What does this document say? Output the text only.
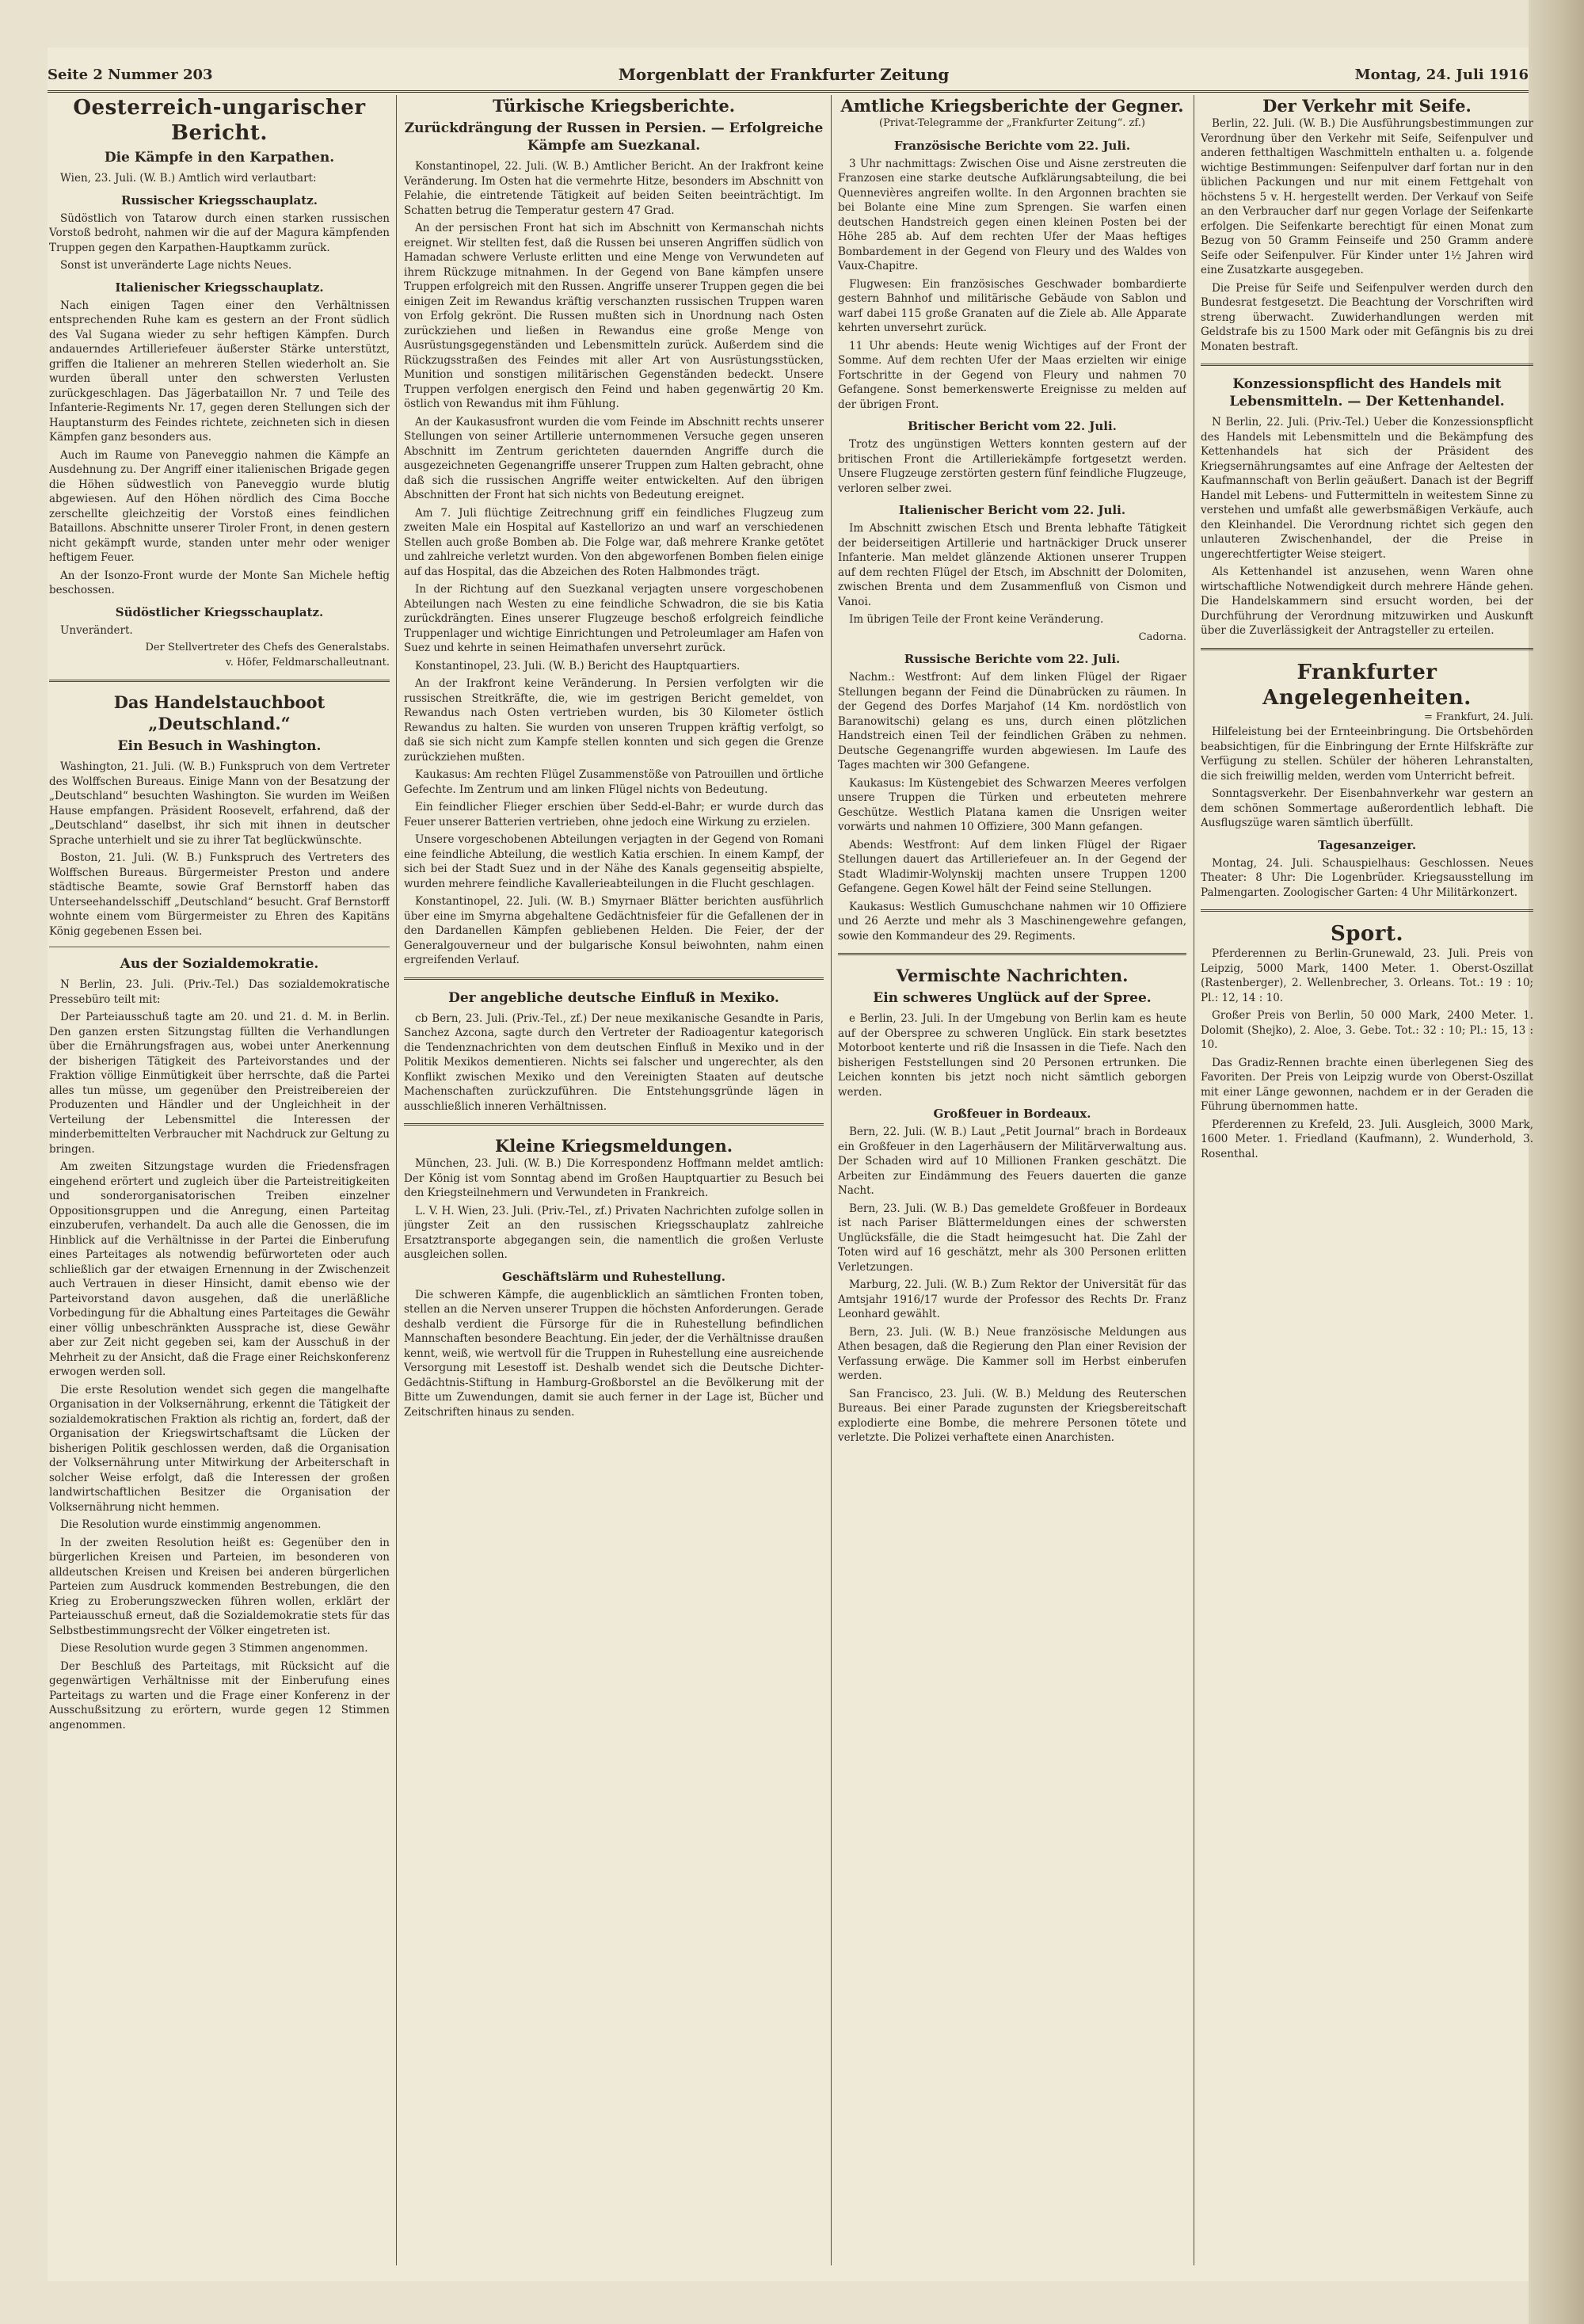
Seite 2 Nummer 203	Morgenblatt der Frankfurter Zeitung	Montag, 24. Juli 1916
Oesterreich-ungarischer Bericht.
Die Kämpfe in den Karpathen.

Wien, 23. Juli. (W. B.) Amtlich wird verlautbart:

Russischer Kriegsschauplatz.

Südöstlich von Tatarow durch einen starken russischen Vorstoß bedroht, nahmen wir die auf der Magura kämpfenden Truppen gegen den Karpathen-Hauptkamm zurück.

Sonst ist unveränderte Lage nichts Neues.

Italienischer Kriegsschauplatz.

Nach einigen Tagen einer den Verhältnissen entsprechenden Ruhe kam es gestern an der Front südlich des Val Sugana wieder zu sehr heftigen Kämpfen. Durch andauerndes Artilleriefeuer äußerster Stärke unterstützt, griffen die Italiener an mehreren Stellen wiederholt an. Sie wurden überall unter den schwersten Verlusten zurückgeschlagen. Das Jägerbataillon Nr. 7 und Teile des Infanterie-Regiments Nr. 17, gegen deren Stellungen sich der Hauptansturm des Feindes richtete, zeichneten sich in diesen Kämpfen ganz besonders aus.

Auch im Raume von Paneveggio nahmen die Kämpfe an Ausdehnung zu. Der Angriff einer italienischen Brigade gegen die Höhen südwestlich von Paneveggio wurde blutig abgewiesen. Auf den Höhen nördlich des Cima Bocche zerschellte gleichzeitig der Vorstoß eines feindlichen Bataillons. Abschnitte unserer Tiroler Front, in denen gestern nicht gekämpft wurde, standen unter mehr oder weniger heftigem Feuer.

An der Isonzo-Front wurde der Monte San Michele heftig beschossen.

Südöstlicher Kriegsschauplatz.

Unverändert.

Der Stellvertreter des Chefs des Generalstabs.
v. Höfer, Feldmarschalleutnant.
Das Handelstauchboot „Deutschland.“
Ein Besuch in Washington.

Washington, 21. Juli. (W. B.) Funkspruch von dem Vertreter des Wolffschen Bureaus. Einige Mann von der Besatzung der „Deutschland“ besuchten Washington. Sie wurden im Weißen Hause empfangen. Präsident Roosevelt, erfahrend, daß der „Deutschland“ daselbst, ihr sich mit ihnen in deutscher Sprache unterhielt und sie zu ihrer Tat beglückwünschte.

Boston, 21. Juli. (W. B.) Funkspruch des Vertreters des Wolffschen Bureaus. Bürgermeister Preston und andere städtische Beamte, sowie Graf Bernstorff haben das Unterseehandelsschiff „Deutschland“ besucht. Graf Bernstorff wohnte einem vom Bürgermeister zu Ehren des Kapitäns König gegebenen Essen bei.

Aus der Sozialdemokratie.

N Berlin, 23. Juli. (Priv.-Tel.) Das sozialdemokratische Pressebüro teilt mit:

Der Parteiausschuß tagte am 20. und 21. d. M. in Berlin. Den ganzen ersten Sitzungstag füllten die Verhandlungen über die Ernährungsfragen aus, wobei unter Anerkennung der bisherigen Tätigkeit des Parteivorstandes und der Fraktion völlige Einmütigkeit über herrschte, daß die Partei alles tun müsse, um gegenüber den Preistreibereien der Produzenten und Händler und der Ungleichheit in der Verteilung der Lebensmittel die Interessen der minderbemittelten Verbraucher mit Nachdruck zur Geltung zu bringen.

Am zweiten Sitzungstage wurden die Friedensfragen eingehend erörtert und zugleich über die Parteistreitigkeiten und sonderorganisatorischen Treiben einzelner Oppositionsgruppen und die Anregung, einen Parteitag einzuberufen, verhandelt. Da auch alle die Genossen, die im Hinblick auf die Verhältnisse in der Partei die Einberufung eines Parteitages als notwendig befürworteten oder auch schließlich gar der etwaigen Ernennung in der Zwischenzeit auch Vertrauen in dieser Hinsicht, damit ebenso wie der Parteivorstand davon ausgehen, daß die unerläßliche Vorbedingung für die Abhaltung eines Parteitages die Gewähr einer völlig unbeschränkten Aussprache ist, diese Gewähr aber zur Zeit nicht gegeben sei, kam der Ausschuß in der Mehrheit zu der Ansicht, daß die Frage einer Reichskonferenz erwogen werden soll.

Die erste Resolution wendet sich gegen die mangelhafte Organisation in der Volksernährung, erkennt die Tätigkeit der sozialdemokratischen Fraktion als richtig an, fordert, daß der Organisation der Kriegswirtschaftsamt die Lücken der bisherigen Politik geschlossen werden, daß die Organisation der Volksernährung unter Mitwirkung der Arbeiterschaft in solcher Weise erfolgt, daß die Interessen der großen landwirtschaftlichen Besitzer die Organisation der Volksernährung nicht hemmen.

Die Resolution wurde einstimmig angenommen.

In der zweiten Resolution heißt es: Gegenüber den in bürgerlichen Kreisen und Parteien, im besonderen von alldeutschen Kreisen und Kreisen bei anderen bürgerlichen Parteien zum Ausdruck kommenden Bestrebungen, die den Krieg zu Eroberungszwecken führen wollen, erklärt der Parteiausschuß erneut, daß die Sozialdemokratie stets für das Selbstbestimmungsrecht der Völker eingetreten ist.

Diese Resolution wurde gegen 3 Stimmen angenommen.

Der Beschluß des Parteitags, mit Rücksicht auf die gegenwärtigen Verhältnisse mit der Einberufung eines Parteitags zu warten und die Frage einer Konferenz in der Ausschußsitzung zu erörtern, wurde gegen 12 Stimmen angenommen.

Türkische Kriegsberichte.
Zurückdrängung der Russen in Persien. — Erfolgreiche Kämpfe am Suezkanal.

Konstantinopel, 22. Juli. (W. B.) Amtlicher Bericht. An der Irakfront keine Veränderung. Im Osten hat die vermehrte Hitze, besonders im Abschnitt von Felahie, die eintretende Tätigkeit auf beiden Seiten beeinträchtigt. Im Schatten betrug die Temperatur gestern 47 Grad.

An der persischen Front hat sich im Abschnitt von Kermanschah nichts ereignet. Wir stellten fest, daß die Russen bei unseren Angriffen südlich von Hamadan schwere Verluste erlitten und eine Menge von Verwundeten auf ihrem Rückzuge mitnahmen. In der Gegend von Bane kämpfen unsere Truppen erfolgreich mit den Russen. Angriffe unserer Truppen gegen die bei einigen Zeit im Rewandus kräftig verschanzten russischen Truppen waren von Erfolg gekrönt. Die Russen mußten sich in Unordnung nach Osten zurückziehen und ließen in Rewandus eine große Menge von Ausrüstungsgegenständen und Lebensmitteln zurück. Außerdem sind die Rückzugsstraßen des Feindes mit aller Art von Ausrüstungsstücken, Munition und sonstigen militärischen Gegenständen bedeckt. Unsere Truppen verfolgen energisch den Feind und haben gegenwärtig 20 Km. östlich von Rewandus mit ihm Fühlung.

An der Kaukasusfront wurden die vom Feinde im Abschnitt rechts unserer Stellungen von seiner Artillerie unternommenen Versuche gegen unseren Abschnitt im Zentrum gerichteten dauernden Angriffe durch die ausgezeichneten Gegenangriffe unserer Truppen zum Halten gebracht, ohne daß sich die russischen Angriffe weiter entwickelten. Auf den übrigen Abschnitten der Front hat sich nichts von Bedeutung ereignet.

Am 7. Juli flüchtige Zeitrechnung griff ein feindliches Flugzeug zum zweiten Male ein Hospital auf Kastellorizo an und warf an verschiedenen Stellen auch große Bomben ab. Die Folge war, daß mehrere Kranke getötet und zahlreiche verletzt wurden. Von den abgeworfenen Bomben fielen einige auf das Hospital, das die Abzeichen des Roten Halbmondes trägt.

In der Richtung auf den Suezkanal verjagten unsere vorgeschobenen Abteilungen nach Westen zu eine feindliche Schwadron, die sie bis Katia zurückdrängten. Eines unserer Flugzeuge beschoß erfolgreich feindliche Truppenlager und wichtige Einrichtungen und Petroleumlager am Hafen von Suez und kehrte in seinen Heimathafen unversehrt zurück.

Konstantinopel, 23. Juli. (W. B.) Bericht des Hauptquartiers.

An der Irakfront keine Veränderung. In Persien verfolgten wir die russischen Streitkräfte, die, wie im gestrigen Bericht gemeldet, von Rewandus nach Osten vertrieben wurden, bis 30 Kilometer östlich Rewandus zu halten. Sie wurden von unseren Truppen kräftig verfolgt, so daß sie sich nicht zum Kampfe stellen konnten und sich gegen die Grenze zurückziehen mußten.

Kaukasus: Am rechten Flügel Zusammenstöße von Patrouillen und örtliche Gefechte. Im Zentrum und am linken Flügel nichts von Bedeutung.

Ein feindlicher Flieger erschien über Sedd-el-Bahr; er wurde durch das Feuer unserer Batterien vertrieben, ohne jedoch eine Wirkung zu erzielen.

Unsere vorgeschobenen Abteilungen verjagten in der Gegend von Romani eine feindliche Abteilung, die westlich Katia erschien. In einem Kampf, der sich bei der Stadt Suez und in der Nähe des Kanals gegenseitig abspielte, wurden mehrere feindliche Kavallerieabteilungen in die Flucht geschlagen.

Konstantinopel, 22. Juli. (W. B.) Smyrnaer Blätter berichten ausführlich über eine im Smyrna abgehaltene Gedächtnisfeier für die Gefallenen der in den Dardanellen Kämpfen gebliebenen Helden. Die Feier, der der Generalgouverneur und der bulgarische Konsul beiwohnten, nahm einen ergreifenden Verlauf.

Der angebliche deutsche Einfluß in Mexiko.

cb Bern, 23. Juli. (Priv.-Tel., zf.) Der neue mexikanische Gesandte in Paris, Sanchez Azcona, sagte durch den Vertreter der Radioagentur kategorisch die Tendenznachrichten von dem deutschen Einfluß in Mexiko und in der Politik Mexikos dementieren. Nichts sei falscher und ungerechter, als den Konflikt zwischen Mexiko und den Vereinigten Staaten auf deutsche Machenschaften zurückzuführen. Die Entstehungsgründe lägen in ausschließlich inneren Verhältnissen.

Kleine Kriegsmeldungen.

München, 23. Juli. (W. B.) Die Korrespondenz Hoffmann meldet amtlich: Der König ist vom Sonntag abend im Großen Hauptquartier zu Besuch bei den Kriegsteilnehmern und Verwundeten in Frankreich.

L. V. H. Wien, 23. Juli. (Priv.-Tel., zf.) Privaten Nachrichten zufolge sollen in jüngster Zeit an den russischen Kriegsschauplatz zahlreiche Ersatztransporte abgegangen sein, die namentlich die großen Verluste ausgleichen sollen.

Geschäftslärm und Ruhestellung.

Die schweren Kämpfe, die augenblicklich an sämtlichen Fronten toben, stellen an die Nerven unserer Truppen die höchsten Anforderungen. Gerade deshalb verdient die Fürsorge für die in Ruhestellung befindlichen Mannschaften besondere Beachtung. Ein jeder, der die Verhältnisse draußen kennt, weiß, wie wertvoll für die Truppen in Ruhestellung eine ausreichende Versorgung mit Lesestoff ist. Deshalb wendet sich die Deutsche Dichter-Gedächtnis-Stiftung in Hamburg-Großborstel an die Bevölkerung mit der Bitte um Zuwendungen, damit sie auch ferner in der Lage ist, Bücher und Zeitschriften hinaus zu senden.

Amtliche Kriegsberichte der Gegner.
(Privat-Telegramme der „Frankfurter Zeitung“. zf.)
Französische Berichte vom 22. Juli.

3 Uhr nachmittags: Zwischen Oise und Aisne zerstreuten die Franzosen eine starke deutsche Aufklärungsabteilung, die bei Quennevières angreifen wollte. In den Argonnen brachten sie bei Bolante eine Mine zum Sprengen. Sie warfen einen deutschen Handstreich gegen einen kleinen Posten bei der Höhe 285 ab. Auf dem rechten Ufer der Maas heftiges Bombardement in der Gegend von Fleury und des Waldes von Vaux-Chapitre.

Flugwesen: Ein französisches Geschwader bombardierte gestern Bahnhof und militärische Gebäude von Sablon und warf dabei 115 große Granaten auf die Ziele ab. Alle Apparate kehrten unversehrt zurück.

11 Uhr abends: Heute wenig Wichtiges auf der Front der Somme. Auf dem rechten Ufer der Maas erzielten wir einige Fortschritte in der Gegend von Fleury und nahmen 70 Gefangene. Sonst bemerkenswerte Ereignisse zu melden auf der übrigen Front.

Britischer Bericht vom 22. Juli.

Trotz des ungünstigen Wetters konnten gestern auf der britischen Front die Artilleriekämpfe fortgesetzt werden. Unsere Flugzeuge zerstörten gestern fünf feindliche Flugzeuge, verloren selber zwei.

Italienischer Bericht vom 22. Juli.

Im Abschnitt zwischen Etsch und Brenta lebhafte Tätigkeit der beiderseitigen Artillerie und hartnäckiger Druck unserer Infanterie. Man meldet glänzende Aktionen unserer Truppen auf dem rechten Flügel der Etsch, im Abschnitt der Dolomiten, zwischen Brenta und dem Zusammenfluß von Cismon und Vanoi.

Im übrigen Teile der Front keine Veränderung.

Cadorna.
Russische Berichte vom 22. Juli.

Nachm.: Westfront: Auf dem linken Flügel der Rigaer Stellungen begann der Feind die Dünabrücken zu räumen. In der Gegend des Dorfes Marjahof (14 Km. nordöstlich von Baranowitschi) gelang es uns, durch einen plötzlichen Handstreich einen Teil der feindlichen Gräben zu nehmen. Deutsche Gegenangriffe wurden abgewiesen. Im Laufe des Tages machten wir 300 Gefangene.

Kaukasus: Im Küstengebiet des Schwarzen Meeres verfolgen unsere Truppen die Türken und erbeuteten mehrere Geschütze. Westlich Platana kamen die Unsrigen weiter vorwärts und nahmen 10 Offiziere, 300 Mann gefangen.

Abends: Westfront: Auf dem linken Flügel der Rigaer Stellungen dauert das Artilleriefeuer an. In der Gegend der Stadt Wladimir-Wolynskij machten unsere Truppen 1200 Gefangene. Gegen Kowel hält der Feind seine Stellungen.

Kaukasus: Westlich Gumuschchane nahmen wir 10 Offiziere und 26 Aerzte und mehr als 3 Maschinengewehre gefangen, sowie den Kommandeur des 29. Regiments.

Vermischte Nachrichten.
Ein schweres Unglück auf der Spree.

e Berlin, 23. Juli. In der Umgebung von Berlin kam es heute auf der Oberspree zu schweren Unglück. Ein stark besetztes Motorboot kenterte und riß die Insassen in die Tiefe. Nach den bisherigen Feststellungen sind 20 Personen ertrunken. Die Leichen konnten bis jetzt noch nicht sämtlich geborgen werden.

Großfeuer in Bordeaux.

Bern, 22. Juli. (W. B.) Laut „Petit Journal“ brach in Bordeaux ein Großfeuer in den Lagerhäusern der Militärverwaltung aus. Der Schaden wird auf 10 Millionen Franken geschätzt. Die Arbeiten zur Eindämmung des Feuers dauerten die ganze Nacht.

Bern, 23. Juli. (W. B.) Das gemeldete Großfeuer in Bordeaux ist nach Pariser Blättermeldungen eines der schwersten Unglücksfälle, die die Stadt heimgesucht hat. Die Zahl der Toten wird auf 16 geschätzt, mehr als 300 Personen erlitten Verletzungen.

Marburg, 22. Juli. (W. B.) Zum Rektor der Universität für das Amtsjahr 1916/17 wurde der Professor des Rechts Dr. Franz Leonhard gewählt.

Bern, 23. Juli. (W. B.) Neue französische Meldungen aus Athen besagen, daß die Regierung den Plan einer Revision der Verfassung erwäge. Die Kammer soll im Herbst einberufen werden.

San Francisco, 23. Juli. (W. B.) Meldung des Reuterschen Bureaus. Bei einer Parade zugunsten der Kriegsbereitschaft explodierte eine Bombe, die mehrere Personen tötete und verletzte. Die Polizei verhaftete einen Anarchisten.

Der Verkehr mit Seife.

Berlin, 22. Juli. (W. B.) Die Ausführungsbestimmungen zur Verordnung über den Verkehr mit Seife, Seifenpulver und anderen fetthaltigen Waschmitteln enthalten u. a. folgende wichtige Bestimmungen: Seifenpulver darf fortan nur in den üblichen Packungen und nur mit einem Fettgehalt von höchstens 5 v. H. hergestellt werden. Der Verkauf von Seife an den Verbraucher darf nur gegen Vorlage der Seifenkarte erfolgen. Die Seifenkarte berechtigt für einen Monat zum Bezug von 50 Gramm Feinseife und 250 Gramm andere Seife oder Seifenpulver. Für Kinder unter 1½ Jahren wird eine Zusatzkarte ausgegeben.

Die Preise für Seife und Seifenpulver werden durch den Bundesrat festgesetzt. Die Beachtung der Vorschriften wird streng überwacht. Zuwiderhandlungen werden mit Geldstrafe bis zu 1500 Mark oder mit Gefängnis bis zu drei Monaten bestraft.

Konzessionspflicht des Handels mit Lebensmitteln. — Der Kettenhandel.

N Berlin, 22. Juli. (Priv.-Tel.) Ueber die Konzessionspflicht des Handels mit Lebensmitteln und die Bekämpfung des Kettenhandels hat sich der Präsident des Kriegsernährungsamtes auf eine Anfrage der Aeltesten der Kaufmannschaft von Berlin geäußert. Danach ist der Begriff Handel mit Lebens- und Futtermitteln in weitestem Sinne zu verstehen und umfaßt alle gewerbsmäßigen Verkäufe, auch den Kleinhandel. Die Verordnung richtet sich gegen den unlauteren Zwischenhandel, der die Preise in ungerechtfertigter Weise steigert.

Als Kettenhandel ist anzusehen, wenn Waren ohne wirtschaftliche Notwendigkeit durch mehrere Hände gehen. Die Handelskammern sind ersucht worden, bei der Durchführung der Verordnung mitzuwirken und Auskunft über die Zuverlässigkeit der Antragsteller zu erteilen.

Frankfurter Angelegenheiten.
= Frankfurt, 24. Juli.

Hilfeleistung bei der Ernteeinbringung. Die Ortsbehörden beabsichtigen, für die Einbringung der Ernte Hilfskräfte zur Verfügung zu stellen. Schüler der höheren Lehranstalten, die sich freiwillig melden, werden vom Unterricht befreit.

Sonntagsverkehr. Der Eisenbahnverkehr war gestern an dem schönen Sommertage außerordentlich lebhaft. Die Ausflugszüge waren sämtlich überfüllt.

Tagesanzeiger.

Montag, 24. Juli. Schauspielhaus: Geschlossen. Neues Theater: 8 Uhr: Die Logenbrüder. Kriegsausstellung im Palmengarten. Zoologischer Garten: 4 Uhr Militärkonzert.

Sport.

Pferderennen zu Berlin-Grunewald, 23. Juli. Preis von Leipzig, 5000 Mark, 1400 Meter. 1. Oberst-Oszillat (Rastenberger), 2. Wellenbrecher, 3. Orleans. Tot.: 19 : 10; Pl.: 12, 14 : 10.

Großer Preis von Berlin, 50 000 Mark, 2400 Meter. 1. Dolomit (Shejko), 2. Aloe, 3. Gebe. Tot.: 32 : 10; Pl.: 15, 13 : 10.

Das Gradiz-Rennen brachte einen überlegenen Sieg des Favoriten. Der Preis von Leipzig wurde von Oberst-Oszillat mit einer Länge gewonnen, nachdem er in der Geraden die Führung übernommen hatte.

Pferderennen zu Krefeld, 23. Juli. Ausgleich, 3000 Mark, 1600 Meter. 1. Friedland (Kaufmann), 2. Wunderhold, 3. Rosenthal.
